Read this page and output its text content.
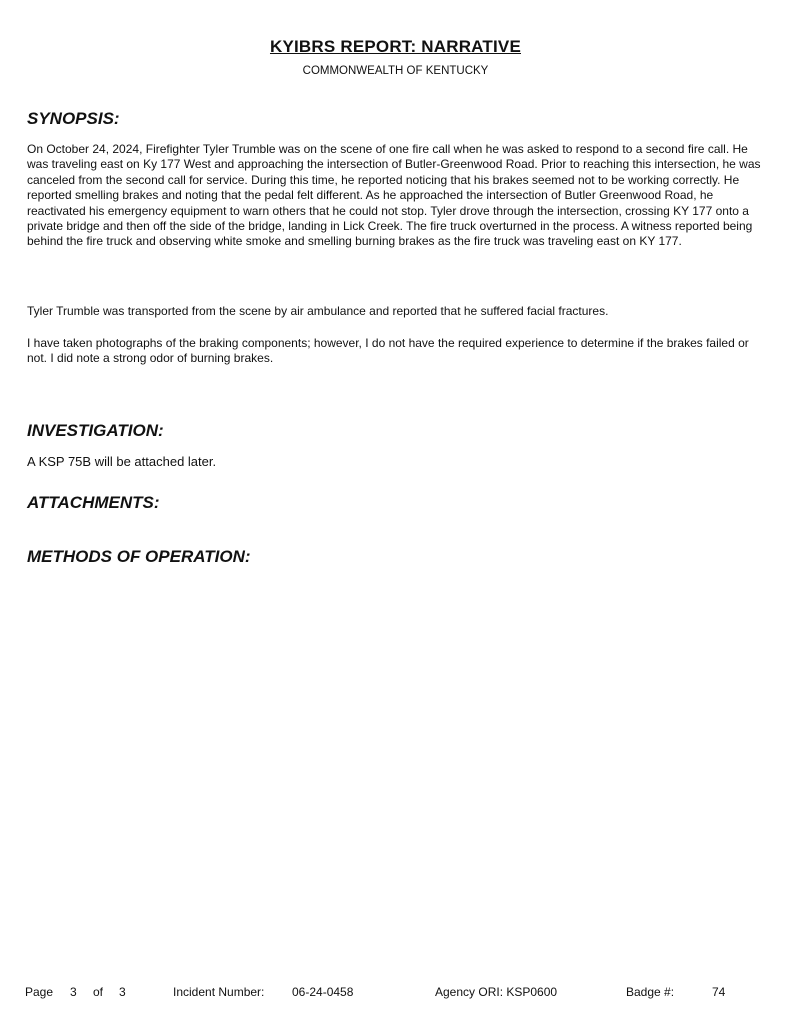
KYIBRS REPORT: NARRATIVE
COMMONWEALTH OF KENTUCKY
SYNOPSIS:

On October 24, 2024, Firefighter Tyler Trumble was on the scene of one fire call when he was asked to respond to a second fire call. He was traveling east on Ky 177 West and approaching the intersection of Butler-Greenwood Road. Prior to reaching this intersection, he was canceled from the second call for service. During this time, he reported noticing that his brakes seemed not to be working correctly. He reported smelling brakes and noting that the pedal felt different. As he approached the intersection of Butler Greenwood Road, he reactivated his emergency equipment to warn others that he could not stop. Tyler drove through the intersection, crossing KY 177 onto a private bridge and then off the side of the bridge, landing in Lick Creek. The fire truck overturned in the process. A witness reported being behind the fire truck and observing white smoke and smelling burning brakes as the fire truck was traveling east on KY 177.

Tyler Trumble was transported from the scene by air ambulance and reported that he suffered facial fractures.

I have taken photographs of the braking components; however, I do not have the required experience to determine if the brakes failed or not. I did note a strong odor of burning brakes.

INVESTIGATION:

A KSP 75B will be attached later.

ATTACHMENTS:
METHODS OF OPERATION:
Page 3 of 3	Incident Number: 06-24-0458	Agency ORI: KSP0600	Badge #:	74
